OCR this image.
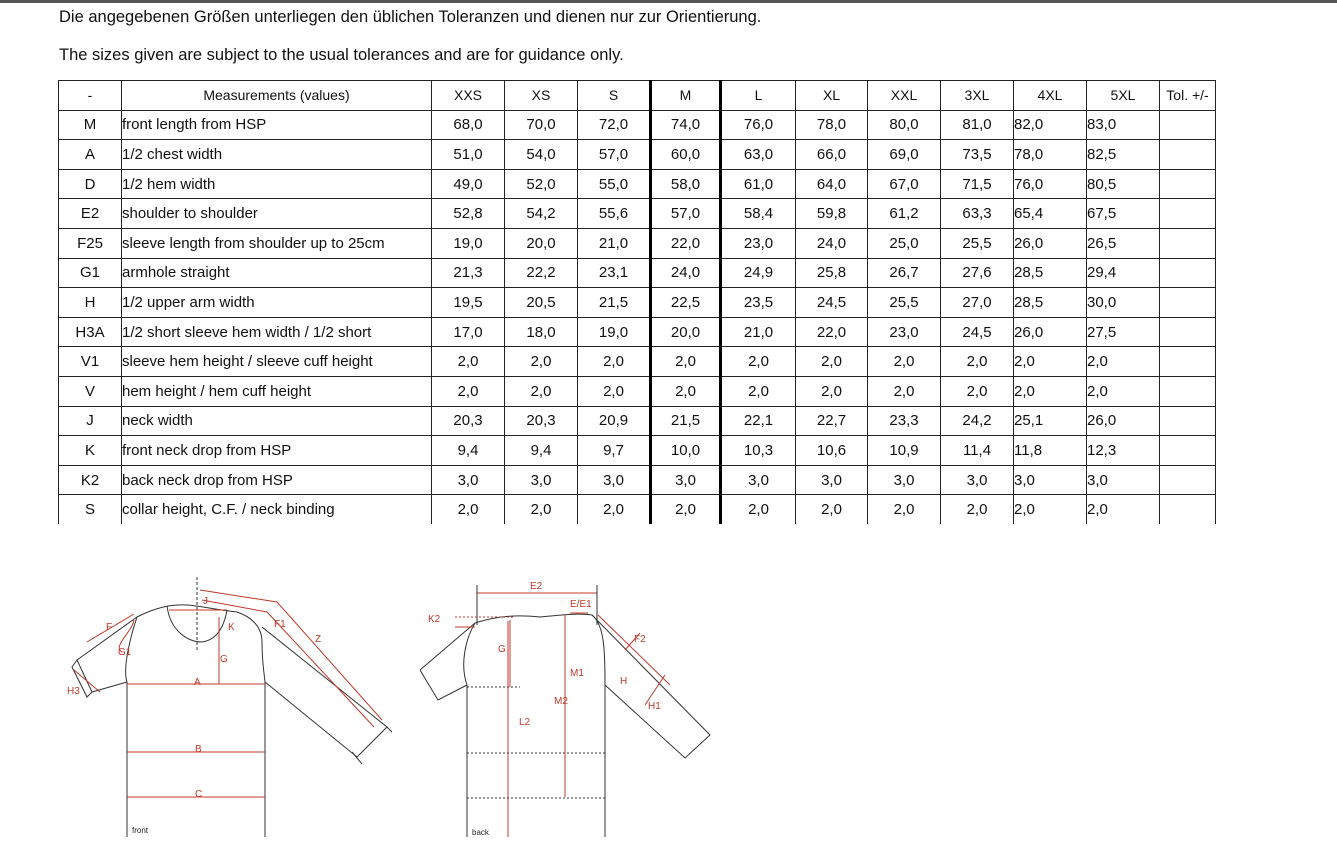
Die angegebenen Größen unterliegen den üblichen Toleranzen und dienen nur zur Orientierung.
The sizes given are subject to the usual tolerances and are for guidance only.
-	Measurements (values)	XXS	XS	S	M	L	XL	XXL	3XL	4XL	5XL	Tol. +/-
M	front length from HSP	68,0	70,0	72,0	74,0	76,0	78,0	80,0	81,0	82,0	83,0	
A	1/2 chest width	51,0	54,0	57,0	60,0	63,0	66,0	69,0	73,5	78,0	82,5	
D	1/2 hem width	49,0	52,0	55,0	58,0	61,0	64,0	67,0	71,5	76,0	80,5	
E2	shoulder to shoulder	52,8	54,2	55,6	57,0	58,4	59,8	61,2	63,3	65,4	67,5	
F25	sleeve length from shoulder up to 25cm	19,0	20,0	21,0	22,0	23,0	24,0	25,0	25,5	26,0	26,5	
G1	armhole straight	21,3	22,2	23,1	24,0	24,9	25,8	26,7	27,6	28,5	29,4	
H	1/2 upper arm width	19,5	20,5	21,5	22,5	23,5	24,5	25,5	27,0	28,5	30,0	
H3A	1/2 short sleeve hem width / 1/2 short	17,0	18,0	19,0	20,0	21,0	22,0	23,0	24,5	26,0	27,5	
V1	sleeve hem height / sleeve cuff height	2,0	2,0	2,0	2,0	2,0	2,0	2,0	2,0	2,0	2,0	
V	hem height / hem cuff height	2,0	2,0	2,0	2,0	2,0	2,0	2,0	2,0	2,0	2,0	
J	neck width	20,3	20,3	20,9	21,5	22,1	22,7	23,3	24,2	25,1	26,0	
K	front neck drop from HSP	9,4	9,4	9,7	10,0	10,3	10,6	10,9	11,4	11,8	12,3	
K2	back neck drop from HSP	3,0	3,0	3,0	3,0	3,0	3,0	3,0	3,0	3,0	3,0	
S	collar height, C.F. / neck binding	2,0	2,0	2,0	2,0	2,0	2,0	2,0	2,0	2,0	2,0	
F
G1
H3
A
B
C
J
K
G
F1
Z
front
E2
E/E1
K2
G
M1
M2
L2
F2
H
H1
back
